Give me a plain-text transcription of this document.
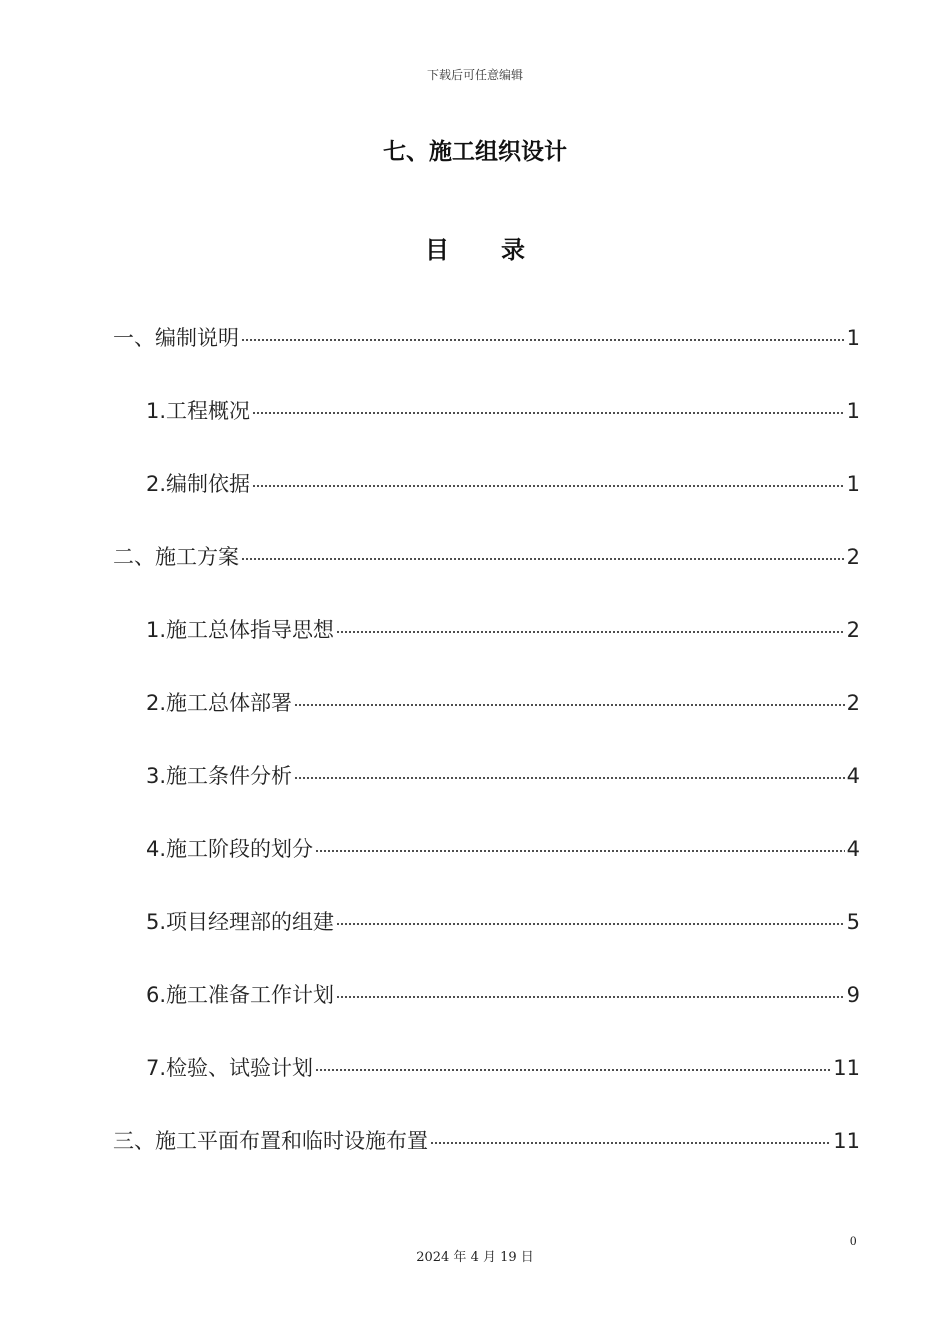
下载后可任意编辑
七、施工组织设计
目 录
一、编制说明	1
1.工程概况	1
2.编制依据	1
二、施工方案	2
1.施工总体指导思想	2
2.施工总体部署	2
3.施工条件分析	4
4.施工阶段的划分	4
5.项目经理部的组建	5
6.施工准备工作计划	9
7.检验、试验计划	11
三、施工平面布置和临时设施布置	11
0
2024 年 4 月 19 日
